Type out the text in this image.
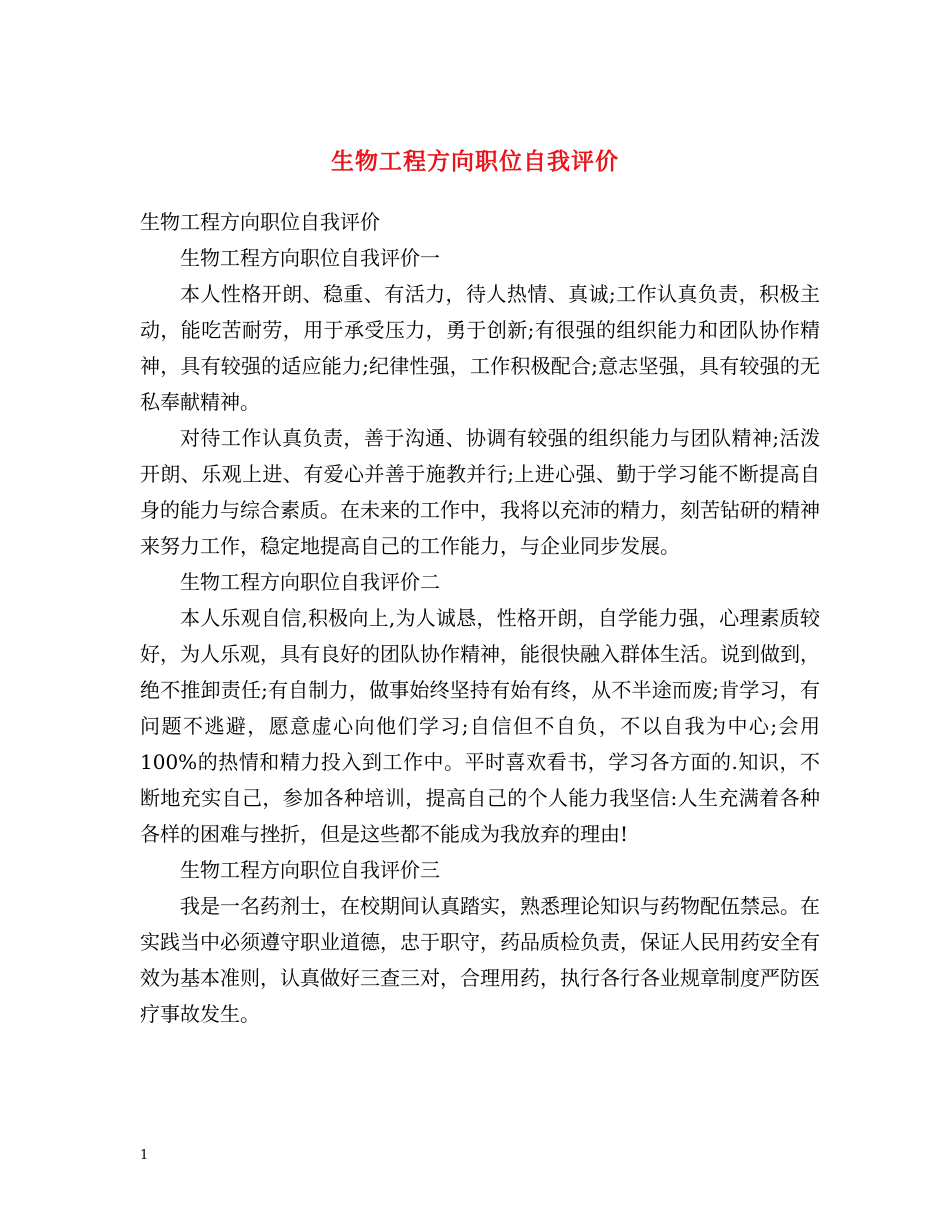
生物工程方向职位自我评价

生物工程方向职位自我评价

生物工程方向职位自我评价一

本人性格开朗、稳重、有活力，待人热情、真诚;工作认真负责，积极主动，能吃苦耐劳，用于承受压力，勇于创新;有很强的组织能力和团队协作精神，具有较强的适应能力;纪律性强，工作积极配合;意志坚强，具有较强的无私奉献精神。

对待工作认真负责，善于沟通、协调有较强的组织能力与团队精神;活泼开朗、乐观上进、有爱心并善于施教并行;上进心强、勤于学习能不断提高自身的能力与综合素质。在未来的工作中，我将以充沛的精力，刻苦钻研的精神来努力工作，稳定地提高自己的工作能力，与企业同步发展。

生物工程方向职位自我评价二

本人乐观自信,积极向上,为人诚恳，性格开朗，自学能力强，心理素质较好，为人乐观，具有良好的团队协作精神，能很快融入群体生活。说到做到，绝不推卸责任;有自制力，做事始终坚持有始有终，从不半途而废;肯学习，有问题不逃避，愿意虚心向他们学习;自信但不自负，不以自我为中心;会用100%的热情和精力投入到工作中。平时喜欢看书，学习各方面的.知识，不断地充实自己，参加各种培训，提高自己的个人能力我坚信:人生充满着各种各样的困难与挫折，但是这些都不能成为我放弃的理由!

生物工程方向职位自我评价三

我是一名药剂士，在校期间认真踏实，熟悉理论知识与药物配伍禁忌。在实践当中必须遵守职业道德，忠于职守，药品质检负责，保证人民用药安全有效为基本准则，认真做好三查三对，合理用药，执行各行各业规章制度严防医疗事故发生。

1
